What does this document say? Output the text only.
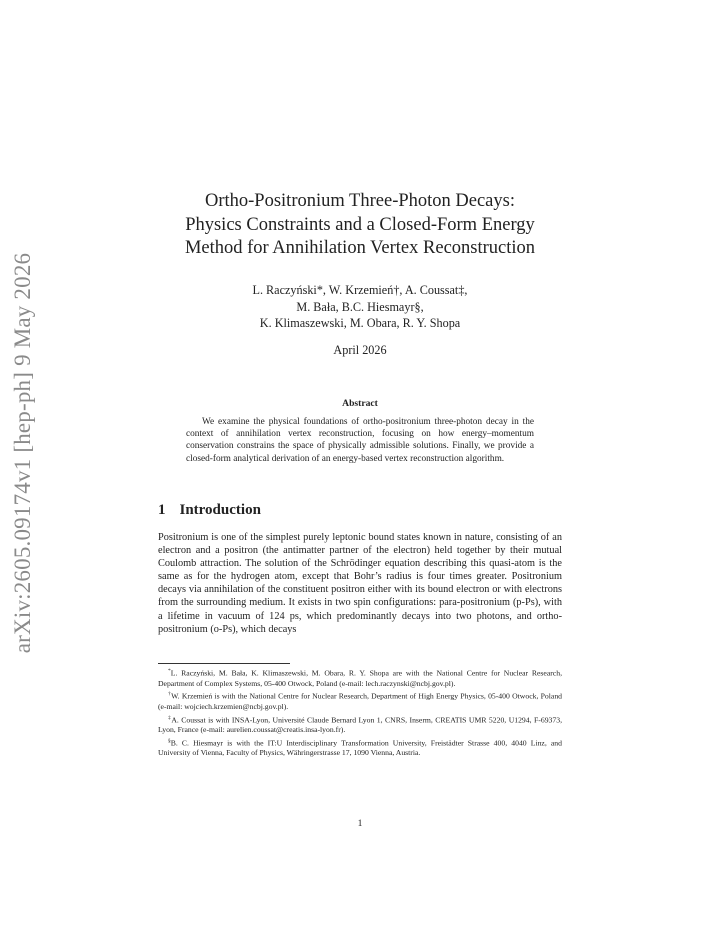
arXiv:2605.09174v1 [hep-ph] 9 May 2026
Ortho-Positronium Three-Photon Decays:
Physics Constraints and a Closed-Form Energy
Method for Annihilation Vertex Reconstruction
L. Raczyński*, W. Krzemień†, A. Coussat‡,
M. Bała, B.C. Hiesmayr§,
K. Klimaszewski, M. Obara, R. Y. Shopa
April 2026
Abstract
We examine the physical foundations of ortho-positronium three-photon decay in the context of annihilation vertex reconstruction, focusing on how energy–momentum conservation constrains the space of physically admissible solutions. Finally, we provide a closed-form analytical derivation of an energy-based vertex reconstruction algorithm.
1 Introduction

Positronium is one of the simplest purely leptonic bound states known in nature, consisting of an electron and a positron (the antimatter partner of the electron) held together by their mutual Coulomb attraction. The solution of the Schrödinger equation describing this quasi-atom is the same as for the hydrogen atom, except that Bohr’s radius is four times greater. Positronium decays via annihilation of the constituent positron either with its bound electron or with electrons from the surrounding medium. It exists in two spin configurations: para-positronium (p-Ps), with a lifetime in vacuum of 124 ps, which predominantly decays into two photons, and ortho-positronium (o-Ps), which decays

*L. Raczyński, M. Bała, K. Klimaszewski, M. Obara, R. Y. Shopa are with the National Centre for Nuclear Research, Department of Complex Systems, 05-400 Otwock, Poland (e-mail: lech.raczynski@ncbj.gov.pl).

†W. Krzemień is with the National Centre for Nuclear Research, Department of High Energy Physics, 05-400 Otwock, Poland (e-mail: wojciech.krzemien@ncbj.gov.pl).

‡A. Coussat is with INSA-Lyon, Université Claude Bernard Lyon 1, CNRS, Inserm, CREATIS UMR 5220, U1294, F-69373, Lyon, France (e-mail: aurelien.coussat@creatis.insa-lyon.fr).

§B. C. Hiesmayr is with the IT:U Interdisciplinary Transformation University, Freistädter Strasse 400, 4040 Linz, and University of Vienna, Faculty of Physics, Währingerstrasse 17, 1090 Vienna, Austria.

1
